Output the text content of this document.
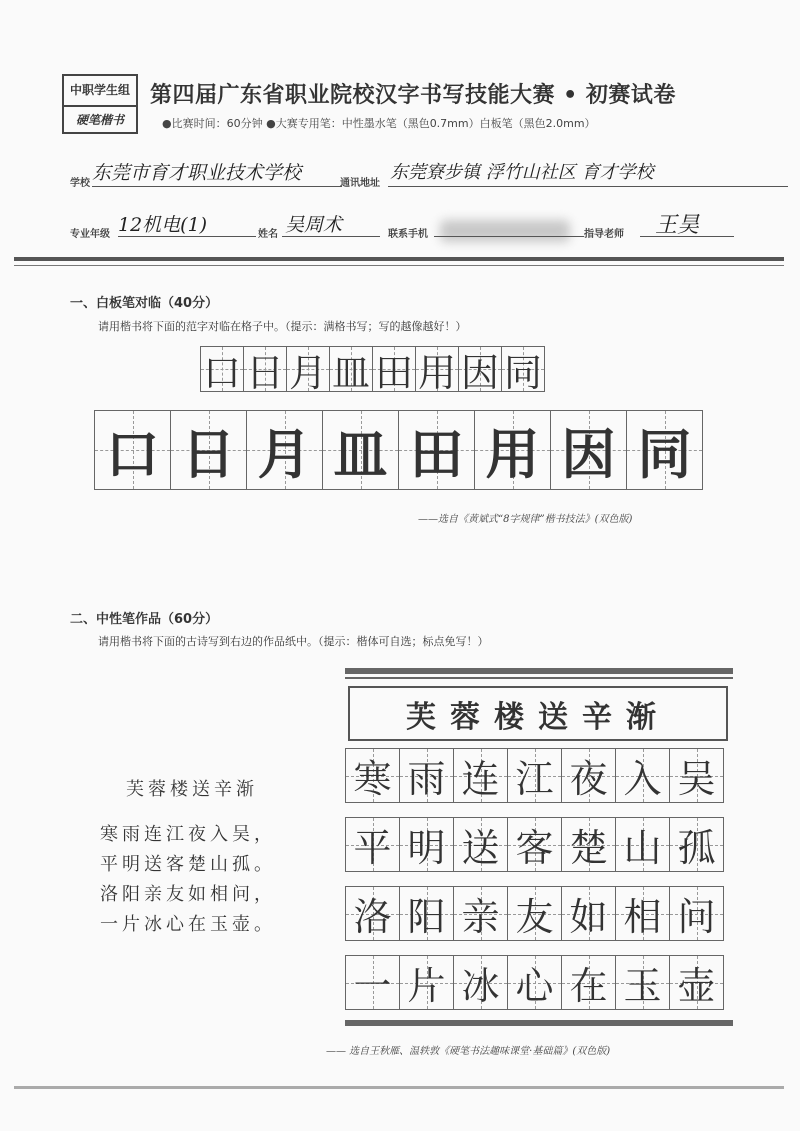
中职学生组
硬笔楷书
第四届广东省职业院校汉字书写技能大赛 • 初赛试卷
●比赛时间：60分钟 ●大赛专用笔：中性墨水笔（黑色0.7mm）白板笔（黑色2.0mm）
学校 东莞市育才职业技术学校	通讯地址
东莞寮步镇 浮竹山社区 育才学校
专业年级 12机电(1)	姓名 吴周术	联系手机	指导老师 王昊
一、白板笔对临（40分）
请用楷书将下面的范字对临在格子中。（提示：满格书写；写的越像越好！）
口 日 月 皿 田 用 因 同
口 日 月 皿 田 用 因 同
——选自《黄斌式“8字规律”楷书技法》(双色版)
二、中性笔作品（60分）
请用楷书将下面的古诗写到右边的作品纸中。（提示：楷体可自选；标点免写！）
芙蓉楼送辛渐
寒雨连江夜入吴，
平明送客楚山孤。
洛阳亲友如相问，
一片冰心在玉壶。
芙蓉楼送辛渐
寒 雨 连 江 夜 入 吴
平 明 送 客 楚 山 孤
洛 阳 亲 友 如 相 问
一 片 冰 心 在 玉 壶
—— 选自王秋雁、温轶敦《硬笔书法趣味课堂·基础篇》(双色版)
